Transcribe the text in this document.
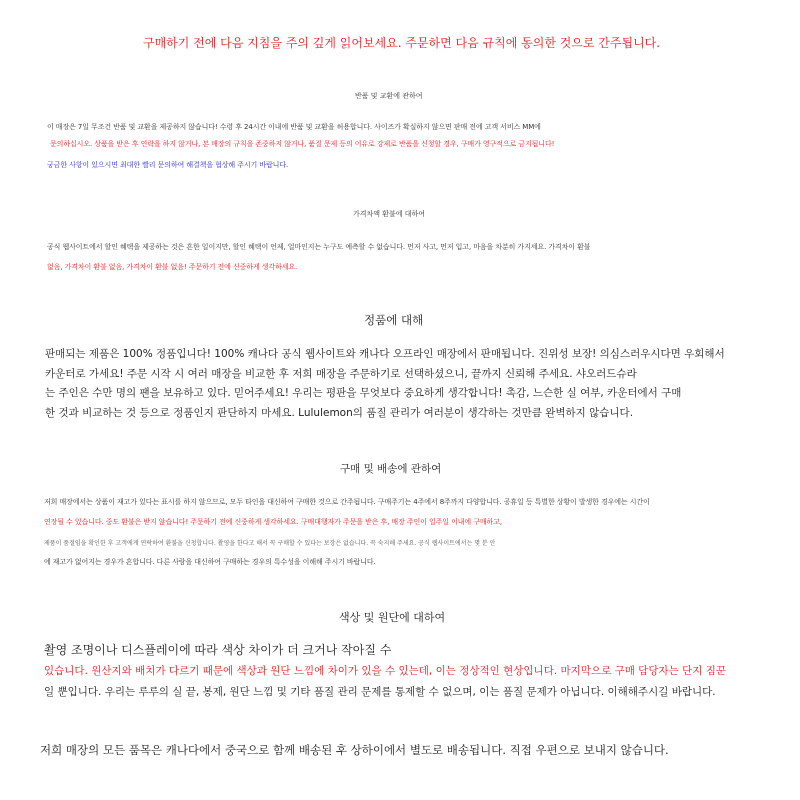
구매하기 전에 다음 지침을 주의 깊게 읽어보세요. 주문하면 다음 규칙에 동의한 것으로 간주됩니다.
반품 및 교환에 관하여
이 매장은 7일 무조건 반품 및 교환을 제공하지 않습니다! 수령 후 24시간 이내에 반품 및 교환을 허용합니다. 사이즈가 확실하지 않으면 판매 전에 고객 서비스 MM에
문의하십시오. 상품을 받은 후 연락을 하지 않거나, 본 매장의 규칙을 존중하지 않거나, 품질 문제 등의 이유로 강제로 반품을 신청할 경우, 구매가 영구적으로 금지됩니다!
궁금한 사항이 있으시면 최대한 빨리 문의하여 해결책을 협상해 주시기 바랍니다.
가격차액 환불에 대하여
공식 웹사이트에서 할인 혜택을 제공하는 것은 흔한 일이지만, 할인 혜택이 언제, 얼마인지는 누구도 예측할 수 없습니다. 먼저 사고, 먼저 입고, 마음을 차분히 가지세요. 가격차이 환불
없음, 가격차이 환불 없음, 가격차이 환불 없음! 주문하기 전에 신중하게 생각하세요.
정품에 대해
판매되는 제품은 100% 정품입니다! 100% 캐나다 공식 웹사이트와 캐나다 오프라인 매장에서 판매됩니다. 진위성 보장! 의심스러우시다면 우회해서
카운터로 가세요! 주문 시작 시 여러 매장을 비교한 후 저희 매장을 주문하기로 선택하셨으니, 끝까지 신뢰해 주세요. 샤오러드슈라
는 주인은 수만 명의 팬을 보유하고 있다. 믿어주세요! 우리는 평판을 무엇보다 중요하게 생각합니다! 촉감, 느슨한 실 여부, 카운터에서 구매
한 것과 비교하는 것 등으로 정품인지 판단하지 마세요. Lululemon의 품질 관리가 여러분이 생각하는 것만큼 완벽하지 않습니다.
구매 및 배송에 관하여
저희 매장에서는 상품이 재고가 있다는 표시를 하지 않으므로, 모두 타인을 대신하여 구매한 것으로 간주됩니다. 구매주기는 4주에서 8주까지 다양합니다. 공휴일 등 특별한 상황이 발생한 경우에는 시간이
연장될 수 있습니다. 중도 환불은 받지 않습니다! 주문하기 전에 신중하게 생각하세요. 구매대행자가 주문을 받은 후, 매장 주인이 일주일 이내에 구매하고,
제품이 품절임을 확인한 후 고객에게 연락하여 환불을 신청합니다. 촬영을 한다고 해서 꼭 구매할 수 있다는 보장은 없습니다. 꼭 숙지해 주세요. 공식 웹사이트에서는 몇 분 안
에 재고가 없어지는 경우가 흔합니다. 다른 사람을 대신하여 구매하는 경우의 특수성을 이해해 주시기 바랍니다.
색상 및 원단에 대하여
촬영 조명이나 디스플레이에 따라 색상 차이가 더 크거나 작아질 수
있습니다. 원산지와 배치가 다르기 때문에 색상과 원단 느낌에 차이가 있을 수 있는데, 이는 정상적인 현상입니다. 마지막으로 구매 담당자는 단지 짐꾼
일 뿐입니다. 우리는 루루의 실 끝, 봉제, 원단 느낌 및 기타 품질 관리 문제를 통제할 수 없으며, 이는 품질 문제가 아닙니다. 이해해주시길 바랍니다.
저희 매장의 모든 품목은 캐나다에서 중국으로 함께 배송된 후 상하이에서 별도로 배송됩니다. 직접 우편으로 보내지 않습니다.
